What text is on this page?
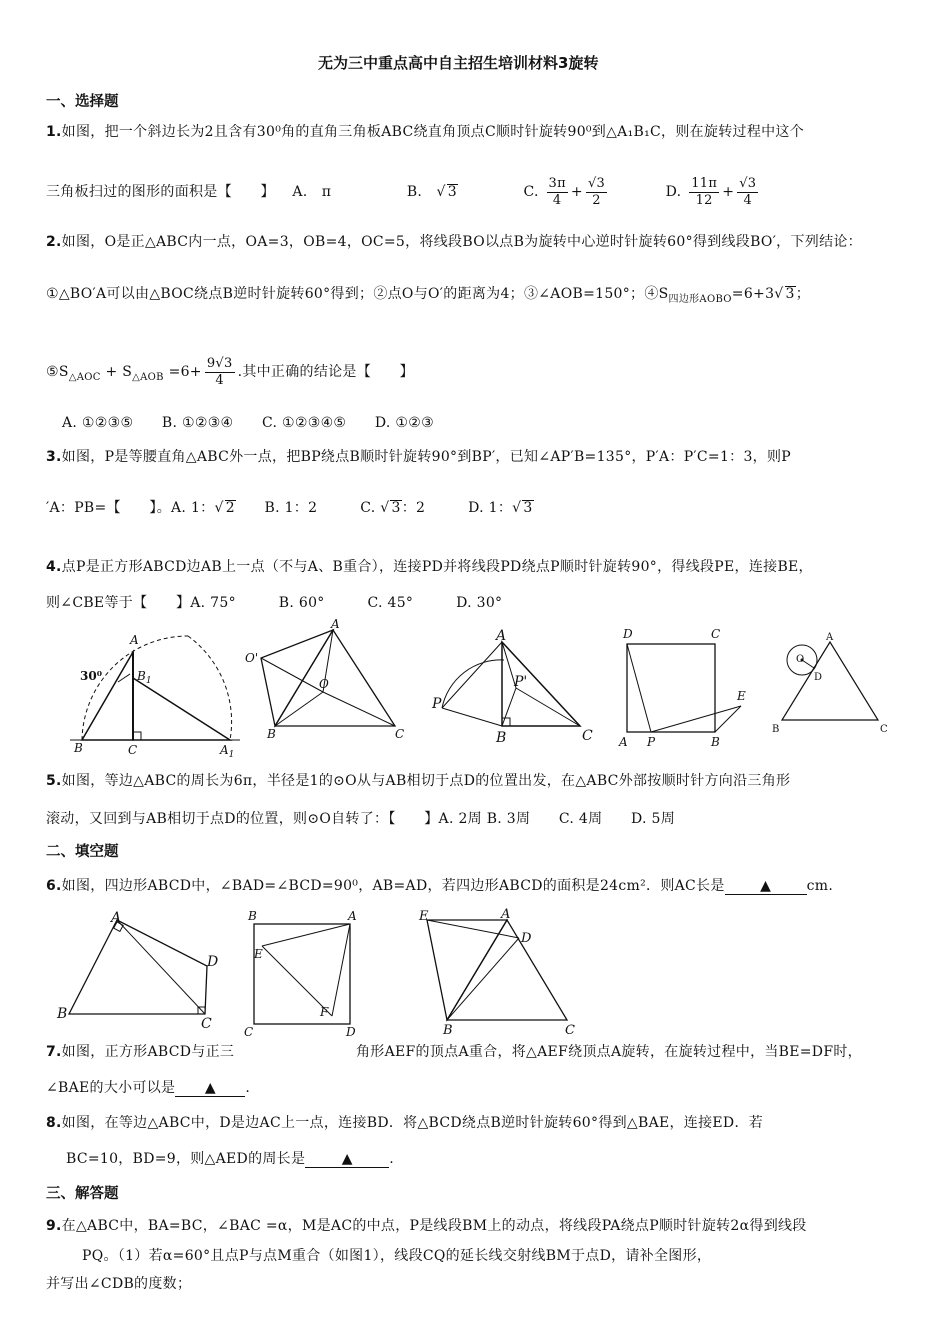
无为三中重点高中自主招生培训材料3旋转
一、选择题
1.如图，把一个斜边长为2且含有30⁰角的直角三角板ABC绕直角顶点C顺时针旋转90⁰到△A₁B₁C，则在旋转过程中这个
三角板扫过的图形的面积是【　　】 A.　π	B.　√ 3	C. $\frac{3\pi}{4} + \frac{√3}{2}$	D. $\frac{11\pi}{12} + \frac{√3}{4}$
2.如图，O是正△ABC内一点，OA=3，OB=4，OC=5，将线段BO以点B为旋转中心逆时针旋转60°得到线段BO′，下列结论：
①△BO′A可以由△BOC绕点B逆时针旋转60°得到；②点O与O′的距离为4；③∠AOB=150°；$④S_{四边形AOBO}=6+3√$ 3；
$⑤S_{\triangle AOC} + S_{\triangle AOB} =6+ \frac{9√3}{4}$ .其中正确的结论是【　　】
A. ①②③⑤　　B. ①②③④　　C. ①②③④⑤　　D. ①②③
3.如图，P是等腰直角△ABC外一点，把BP绕点B顺时针旋转90°到BP′，已知∠AP′B=135°，P′A：P′C=1：3，则P
′A：PB=【　　】。A. 1：√ 2　　B. 1：2　　　C. √ 3：2　　　D. 1：√ 3
4.点P是正方形ABCD边AB上一点（不与A、B重合），连接PD并将线段PD绕点P顺时针旋转90°，得线段PE，连接BE，
则∠CBE等于【　　】A. 75°　　　B. 60°　　　C. 45°　　　D. 30°
A
B	C
$B_1$
$A_1$
30⁰
A
O'
O
B	C
A
P
P'
B	C
D	C
E
A P	B
A
O
D
B	C
5.如图，等边△ABC的周长为6π，半径是1的⊙O从与AB相切于点D的位置出发，在△ABC外部按顺时针方向沿三角形
滚动，又回到与AB相切于点D的位置，则⊙O自转了：【　　】A. 2周 B. 3周　　C. 4周　　D. 5周
二、填空题
6.如图，四边形ABCD中，∠BAD=∠BCD=90⁰，AB=AD，若四边形ABCD的面积是24cm²．则AC长是	▲	cm.
A
B
C
D
B	A
E
F
C	D
E	A
D
B	C
7.如图，正方形ABCD与正三	角形AEF的顶点A重合，将△AEF绕顶点A旋转，在旋转过程中，当BE=DF时，
∠BAE的大小可以是 ▲ .
8.如图，在等边△ABC中，D是边AC上一点，连接BD．将△BCD绕点B逆时针旋转60°得到△BAE，连接ED．若
BC=10，BD=9，则△AED的周长是	▲	.
三、解答题
9.在△ABC中，BA=BC，∠BAC =α，M是AC的中点，P是线段BM上的动点，将线段PA绕点P顺时针旋转2α得到线段
PQ。（1）若α=60°且点P与点M重合（如图1），线段CQ的延长线交射线BM于点D，请补全图形，
并写出∠CDB的度数；
